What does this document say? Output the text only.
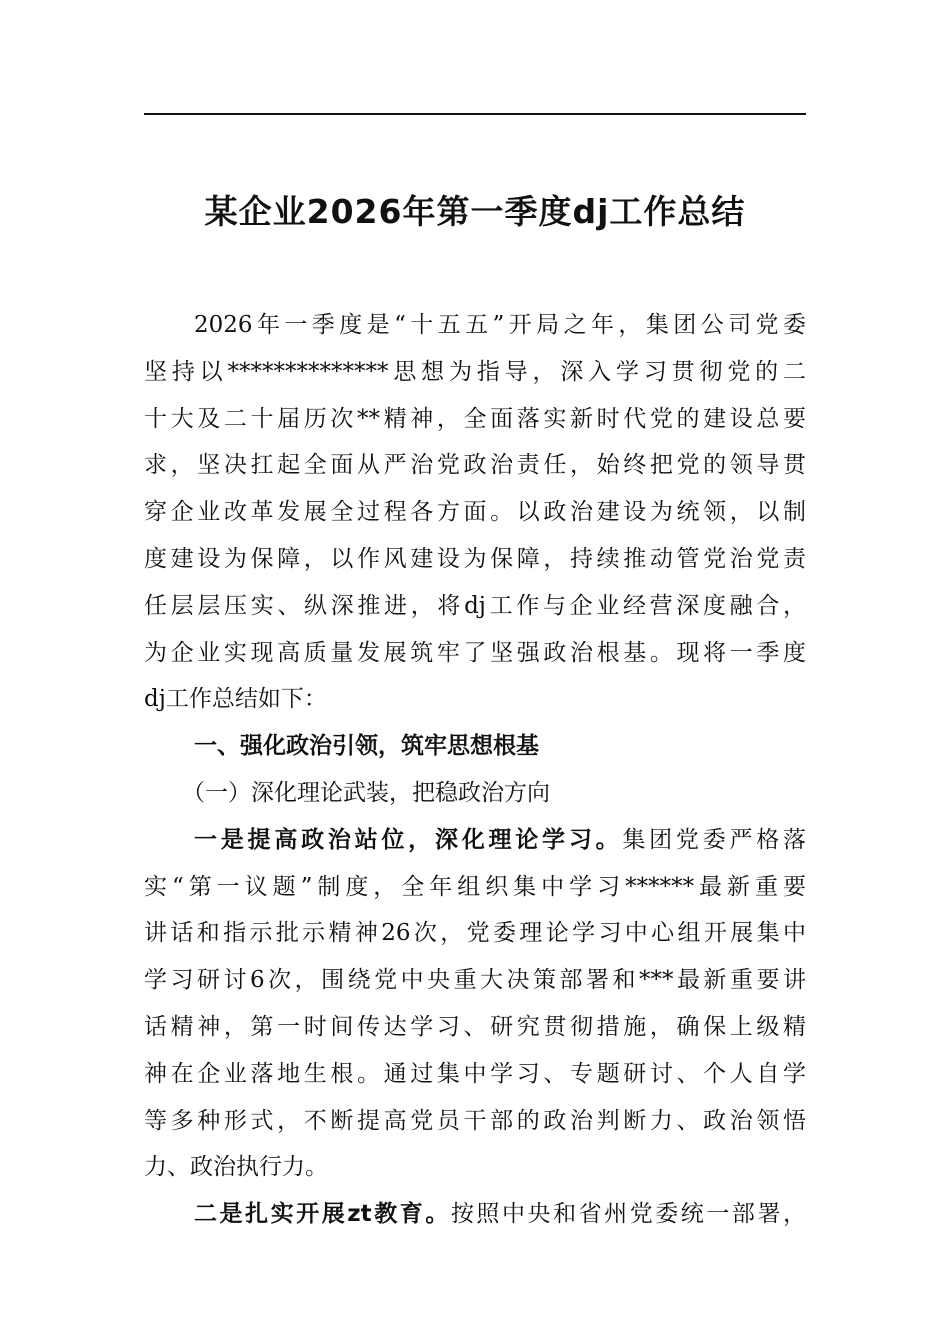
某企业2026年第一季度dj工作总结
2026年一季度是“十五五”开局之年，集团公司党委
坚持以**************思想为指导，深入学习贯彻党的二
十大及二十届历次**精神，全面落实新时代党的建设总要
求，坚决扛起全面从严治党政治责任，始终把党的领导贯
穿企业改革发展全过程各方面。以政治建设为统领，以制
度建设为保障，以作风建设为保障，持续推动管党治党责
任层层压实、纵深推进，将dj工作与企业经营深度融合，
为企业实现高质量发展筑牢了坚强政治根基。现将一季度
dj工作总结如下：
一、强化政治引领，筑牢思想根基
（一）深化理论武装，把稳政治方向
一是提高政治站位，深化理论学习。集团党委严格落
实“第一议题”制度，全年组织集中学习******最新重要
讲话和指示批示精神26次，党委理论学习中心组开展集中
学习研讨6次，围绕党中央重大决策部署和***最新重要讲
话精神，第一时间传达学习、研究贯彻措施，确保上级精
神在企业落地生根。通过集中学习、专题研讨、个人自学
等多种形式，不断提高党员干部的政治判断力、政治领悟
力、政治执行力。
二是扎实开展zt教育。按照中央和省州党委统一部署，
